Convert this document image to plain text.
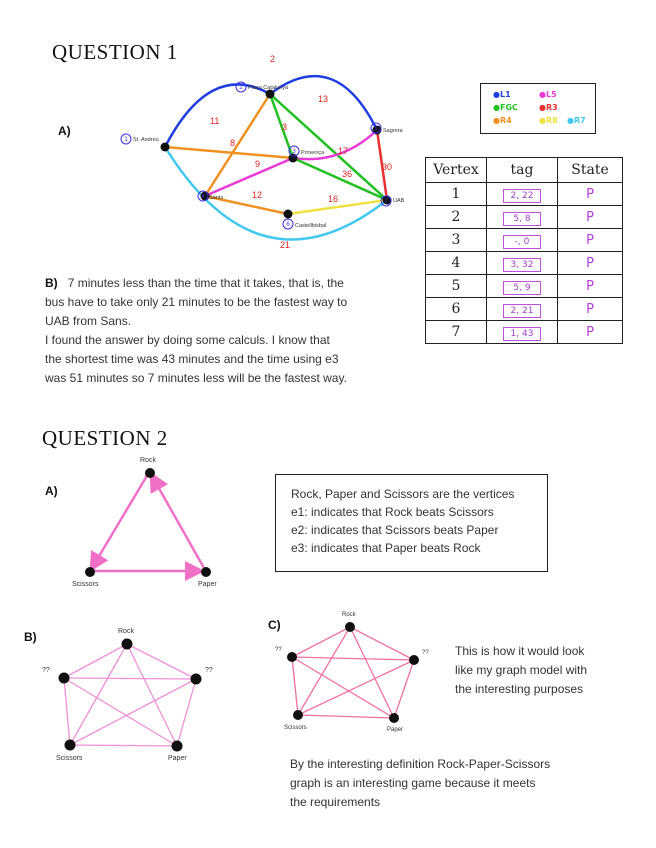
QUESTION 1
A)
2
13
11
8
3
17
30
9
36
12	16
21
1
2
5
3
4
6
7
St. Andreu
Plaça Catalunya
Sagrera
Provença
Sants
Castellbisbal
UAB
●L1	●L5
●FGC	●R3
●R4	●R8 ●R7
Vertex	tag	State
1	2, 22	P
2	5, 8	P
3	-, 0	P
4	3, 32	P
5	5, 9	P
6	2, 21	P
7	1, 43	P
B) 7 minutes less than the time that it takes, that is, the
bus have to take only 21 minutes to be the fastest way to
UAB from Sans.
I found the answer by doing some calculs. I know that
the shortest time was 43 minutes and the time using e3
was 51 minutes so 7 minutes less will be the fastest way.
QUESTION 2
A)
Rock
Scissors	Paper
Rock, Paper and Scissors are the vertices
e1: indicates that Rock beats Scissors
e2: indicates that Scissors beats Paper
e3: indicates that Paper beats Rock
B)	Rock
??	??
Scissors	Paper
C)
Rock
??	??
Scissors	Paper
This is how it would look
like my graph model with
the interesting purposes
By the interesting definition Rock-Paper-Scissors
graph is an interesting game because it meets
the requirements
